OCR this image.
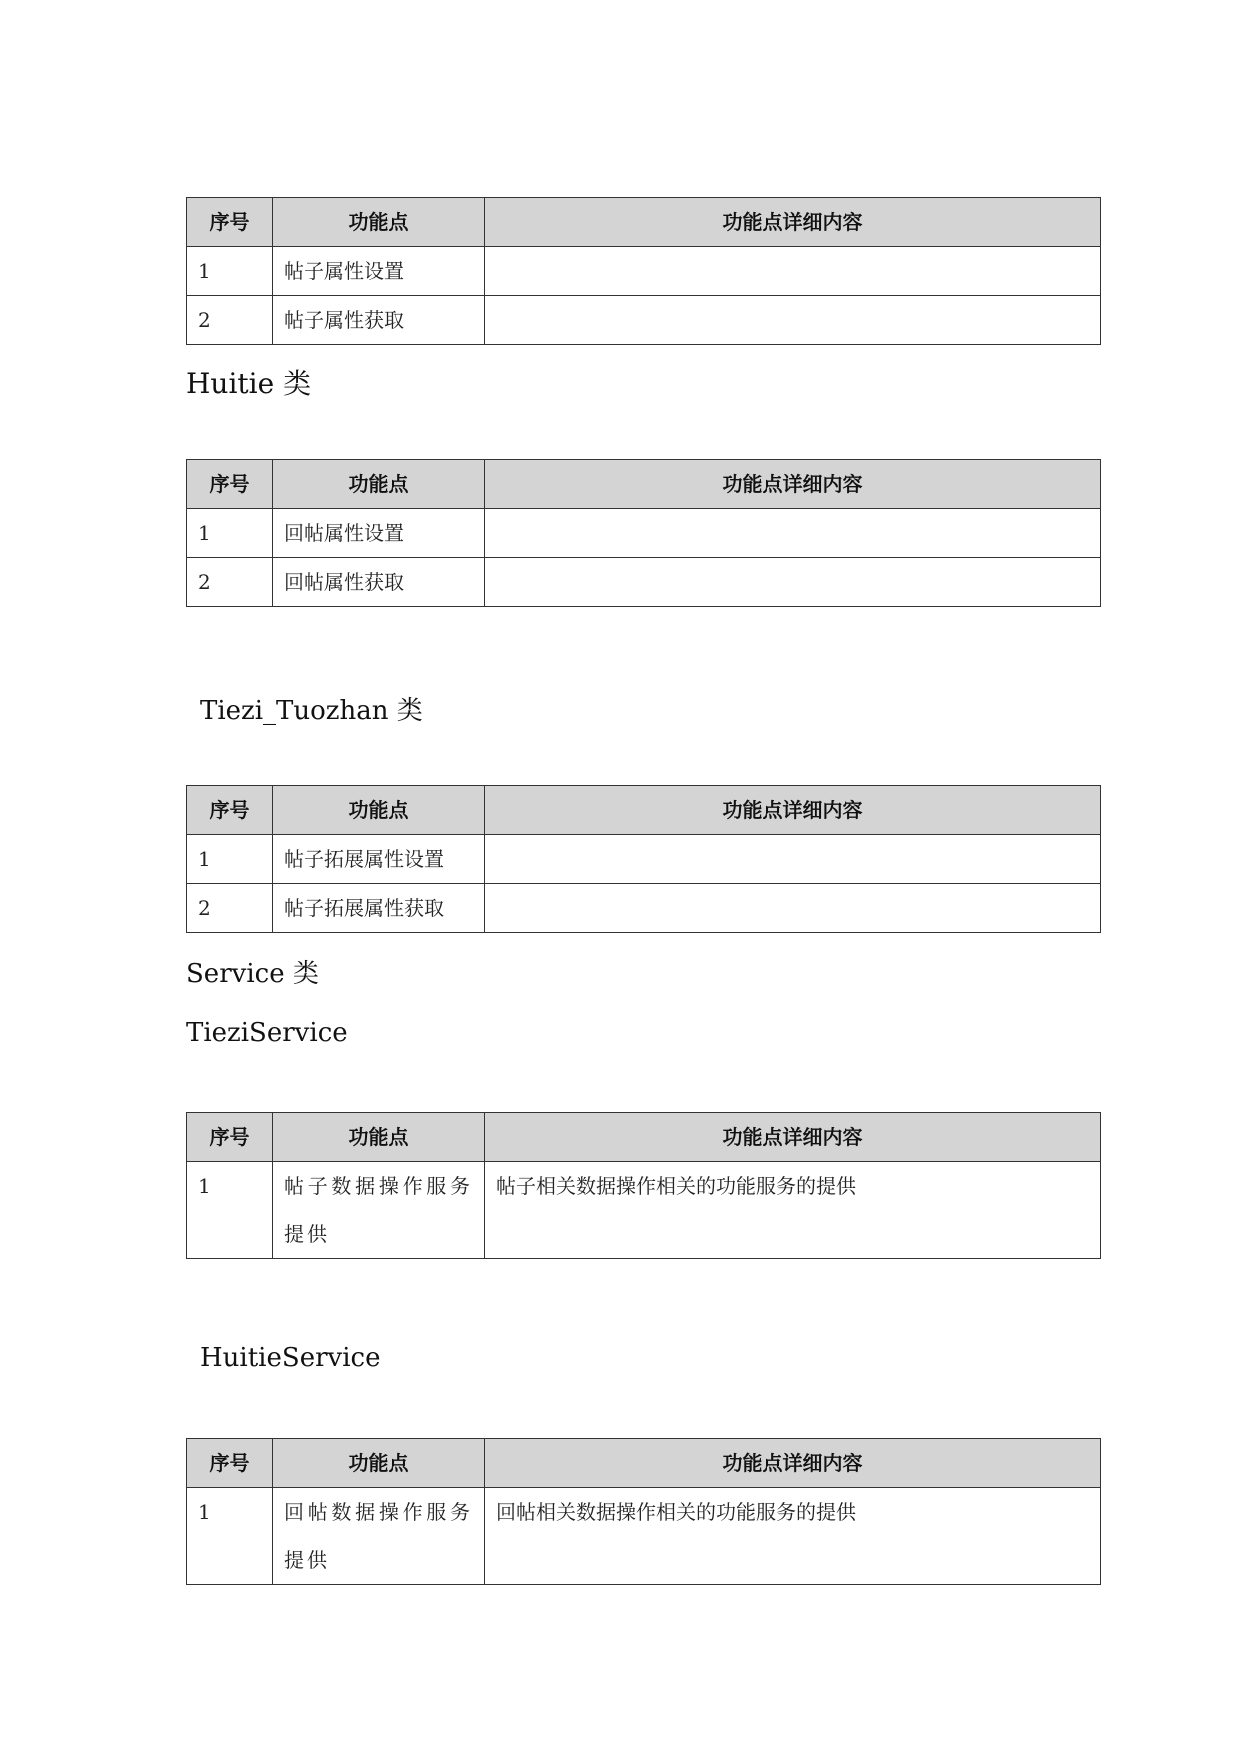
序号	功能点	功能点详细内容
1	帖子属性设置	
2	帖子属性获取	
Huitie 类
序号	功能点	功能点详细内容
1	回帖属性设置	
2	回帖属性获取	
Tiezi_Tuozhan 类
序号	功能点	功能点详细内容
1	帖子拓展属性设置	
2	帖子拓展属性获取	
Service 类
TieziService
序号	功能点	功能点详细内容
1	帖子数据操作服务提供	帖子相关数据操作相关的功能服务的提供
HuitieService
序号	功能点	功能点详细内容
1	回帖数据操作服务提供	回帖相关数据操作相关的功能服务的提供
